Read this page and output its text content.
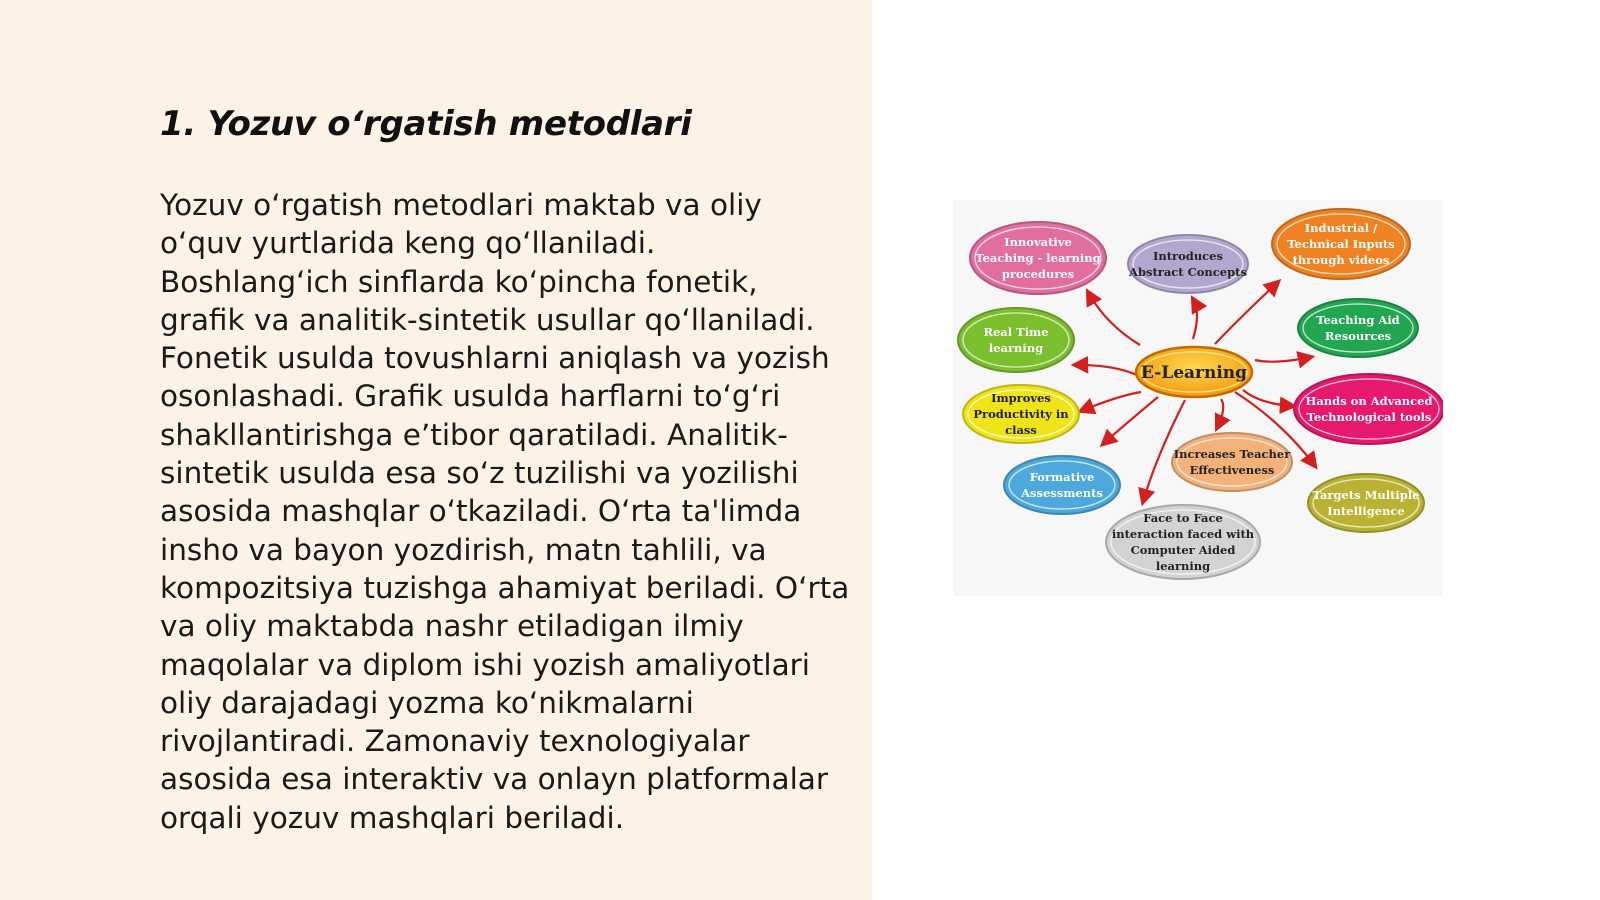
1. Yozuv o‘rgatish metodlari

Yozuv o‘rgatish metodlari maktab va oliy o‘quv yurtlarida keng qo‘llaniladi. Boshlang‘ich sinflarda ko‘pincha fonetik, grafik va analitik-sintetik usullar qo‘llaniladi. Fonetik usulda tovushlarni aniqlash va yozish osonlashadi. Grafik usulda harflarni to‘g‘ri shakllantirishga e’tibor qaratiladi. Analitik-sintetik usulda esa so‘z tuzilishi va yozilishi asosida mashqlar o‘tkaziladi. O‘rta ta'limda insho va bayon yozdirish, matn tahlili, va kompozitsiya tuzishga ahamiyat beriladi. O‘rta va oliy maktabda nashr etiladigan ilmiy maqolalar va diplom ishi yozish amaliyotlari oliy darajadagi yozma ko‘nikmalarni rivojlantiradi. Zamonaviy texnologiyalar asosida esa interaktiv va onlayn platformalar orqali yozuv mashqlari beriladi.

Innovative
Teaching - learning
procedures
Introduces
Abstract Concepts
Industrial /
Technical Inputs
through videos
Real Time
learning
Teaching Aid
Resources
Improves
Productivity in
class
Hands on Advanced
Technological tools
Increases Teacher
Effectiveness
Formative
Assessments	Targets Multiple
Intelligence
Face to Face
interaction faced with
Computer Aided
learning
E-Learning
